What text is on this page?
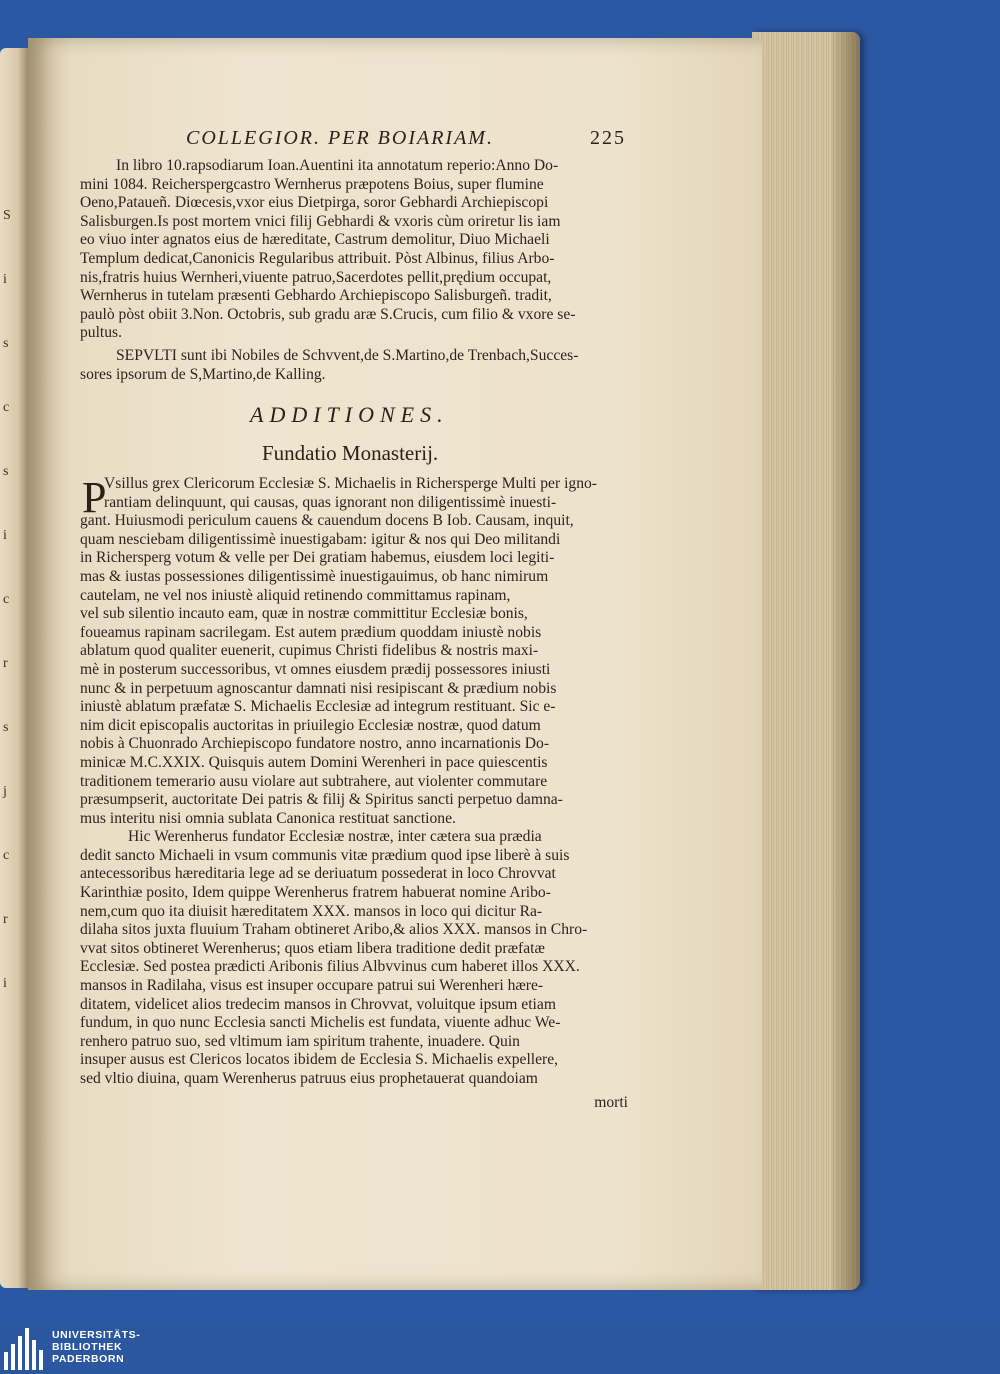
S
i
s
c
s
i
c
r
s
j
c
r
i
COLLEGIOR. PER BOIARIAM.	225
In libro 10.rapsodiarum Ioan.Auentini ita annotatum reperio:Anno Do-
mini 1084. Reicherspergcastro Wernherus præpotens Boius, super flumine
Oeno,Pataueñ. Diœcesis,vxor eius Dietpirga, soror Gebhardi Archiepiscopi
Salisburgen.Is post mortem vnici filij Gebhardi & vxoris cùm oriretur lis iam
eo viuo inter agnatos eius de hæreditate, Castrum demolitur, Diuo Michaeli
Templum dedicat,Canonicis Regularibus attribuit. Pòst Albinus, filius Arbo-
nis,fratris huius Wernheri,viuente patruo,Sacerdotes pellit,prędium occupat,
Wernherus in tutelam præsenti Gebhardo Archiepiscopo Salisburgeñ. tradit,
paulò pòst obiit 3.Non. Octobris, sub gradu aræ S.Crucis, cum filio & vxore se-
pultus.
SEPVLTI sunt ibi Nobiles de Schvvent,de S.Martino,de Trenbach,Succes-
sores ipsorum de S,Martino,de Kalling.
ADDITIONES.
Fundatio Monasterij.
P
Vsillus grex Clericorum Ecclesiæ S. Michaelis in Richersperge Multi per igno-
rantiam delinquunt, qui causas, quas ignorant non diligentissimè inuesti-
gant. Huiusmodi periculum cauens & cauendum docens B Iob. Causam, inquit,
quam nesciebam diligentissimè inuestigabam: igitur & nos qui Deo militandi
in Richersperg votum & velle per Dei gratiam habemus, eiusdem loci legiti-
mas & iustas possessiones diligentissimè inuestigauimus, ob hanc nimirum
cautelam, ne vel nos iniustè aliquid retinendo committamus rapinam,
vel sub silentio incauto eam, quæ in nostræ committitur Ecclesiæ bonis,
foueamus rapinam sacrilegam. Est autem prædium quoddam iniustè nobis
ablatum quod qualiter euenerit, cupimus Christi fidelibus & nostris maxi-
mè in posterum successoribus, vt omnes eiusdem prædij possessores iniusti
nunc & in perpetuum agnoscantur damnati nisi resipiscant & prædium nobis
iniustè ablatum præfatæ S. Michaelis Ecclesiæ ad integrum restituant. Sic e-
nim dicit episcopalis auctoritas in priuilegio Ecclesiæ nostræ, quod datum
nobis à Chuonrado Archiepiscopo fundatore nostro, anno incarnationis Do-
minicæ M.C.XXIX. Quisquis autem Domini Werenheri in pace quiescentis
traditionem temerario ausu violare aut subtrahere, aut violenter commutare
præsumpserit, auctoritate Dei patris & filij & Spiritus sancti perpetuo damna-
mus interitu nisi omnia sublata Canonica restituat sanctione.
Hic Werenherus fundator Ecclesiæ nostræ, inter cætera sua prædia
dedit sancto Michaeli in vsum communis vitæ prædium quod ipse liberè à suis
antecessoribus hæreditaria lege ad se deriuatum possederat in loco Chrovvat
Karinthiæ posito, Idem quippe Werenherus fratrem habuerat nomine Aribo-
nem,cum quo ita diuisit hæreditatem XXX. mansos in loco qui dicitur Ra-
dilaha sitos juxta fluuium Traham obtineret Aribo,& alios XXX. mansos in Chro-
vvat sitos obtineret Werenherus; quos etiam libera traditione dedit præfatæ
Ecclesiæ. Sed postea prædicti Aribonis filius Albvvinus cum haberet illos XXX.
mansos in Radilaha, visus est insuper occupare patrui sui Werenheri hære-
ditatem, videlicet alios tredecim mansos in Chrovvat, voluitque ipsum etiam
fundum, in quo nunc Ecclesia sancti Michelis est fundata, viuente adhuc We-
renhero patruo suo, sed vltimum iam spiritum trahente, inuadere. Quin
insuper ausus est Clericos locatos ibidem de Ecclesia S. Michaelis expellere,
sed vltio diuina, quam Werenherus patruus eius prophetauerat quandoiam
morti
UNIVERSITÄTS-
BIBLIOTHEK
PADERBORN
